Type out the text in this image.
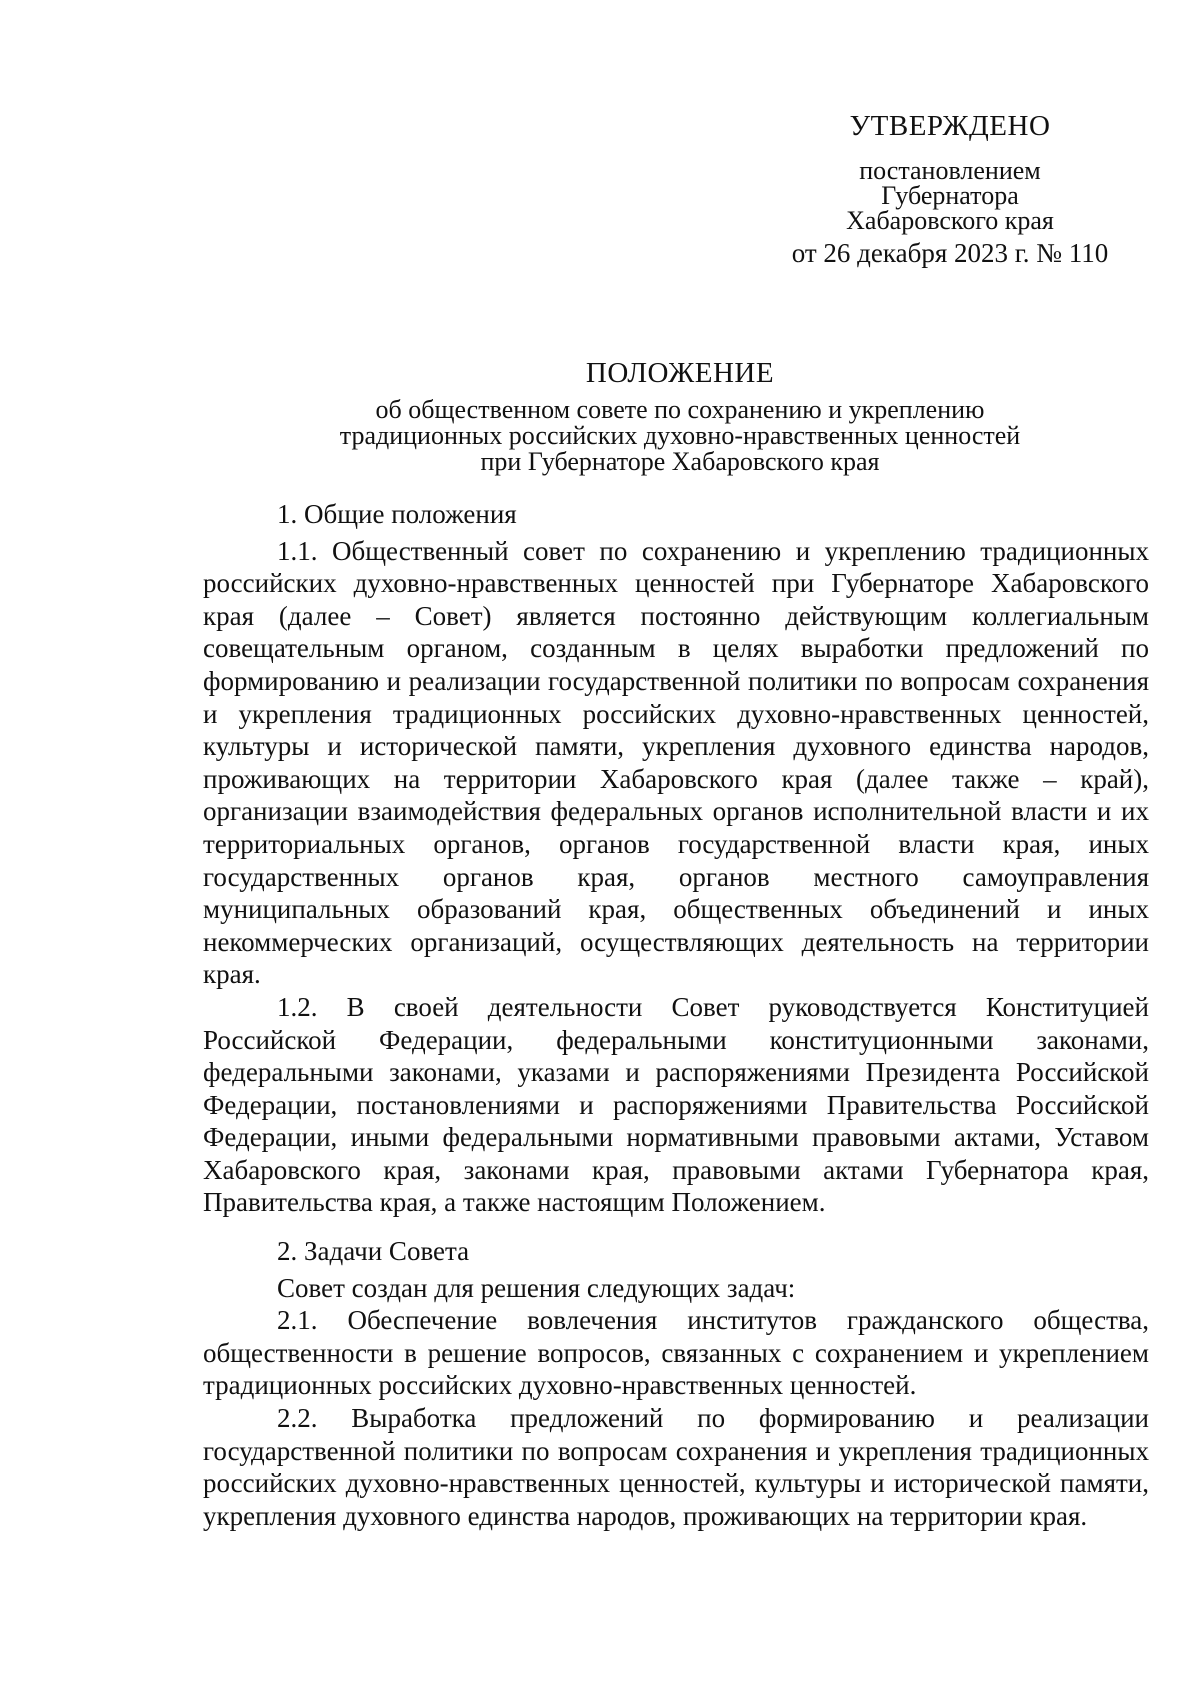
УТВЕРЖДЕНО

постановлением

Губернатора

Хабаровского края

от 26 декабря 2023 г. № 110

ПОЛОЖЕНИЕ

об общественном совете по сохранению и укреплению

традиционных российских духовно-нравственных ценностей

при Губернаторе Хабаровского края

1. Общие положения

1.1. Общественный совет по сохранению и укреплению традиционных российских духовно-нравственных ценностей при Губернаторе Хабаровского края (далее – Совет) является постоянно действующим коллегиальным совещательным органом, созданным в целях выработки предложений по формированию и реализации государственной политики по вопросам сохранения и укрепления традиционных российских духовно-нравственных ценностей, культуры и исторической памяти, укрепления духовного единства народов, проживающих на территории Хабаровского края (далее также – край), организации взаимодействия федеральных органов исполнительной власти и их территориальных органов, органов государственной власти края, иных государственных органов края, органов местного самоуправления муниципальных образований края, общественных объединений и иных некоммерческих организаций, осуществляющих деятельность на территории края.

1.2. В своей деятельности Совет руководствуется Конституцией Российской Федерации, федеральными конституционными законами, федеральными законами, указами и распоряжениями Президента Российской Федерации, постановлениями и распоряжениями Правительства Российской Федерации, иными федеральными нормативными правовыми актами, Уставом Хабаровского края, законами края, правовыми актами Губернатора края, Правительства края, а также настоящим Положением.

2. Задачи Совета

Совет создан для решения следующих задач:

2.1. Обеспечение вовлечения институтов гражданского общества, общественности в решение вопросов, связанных с сохранением и укреплением традиционных российских духовно-нравственных ценностей.

2.2. Выработка предложений по формированию и реализации государственной политики по вопросам сохранения и укрепления традиционных российских духовно-нравственных ценностей, культуры и исторической памяти, укрепления духовного единства народов, проживающих на территории края.
